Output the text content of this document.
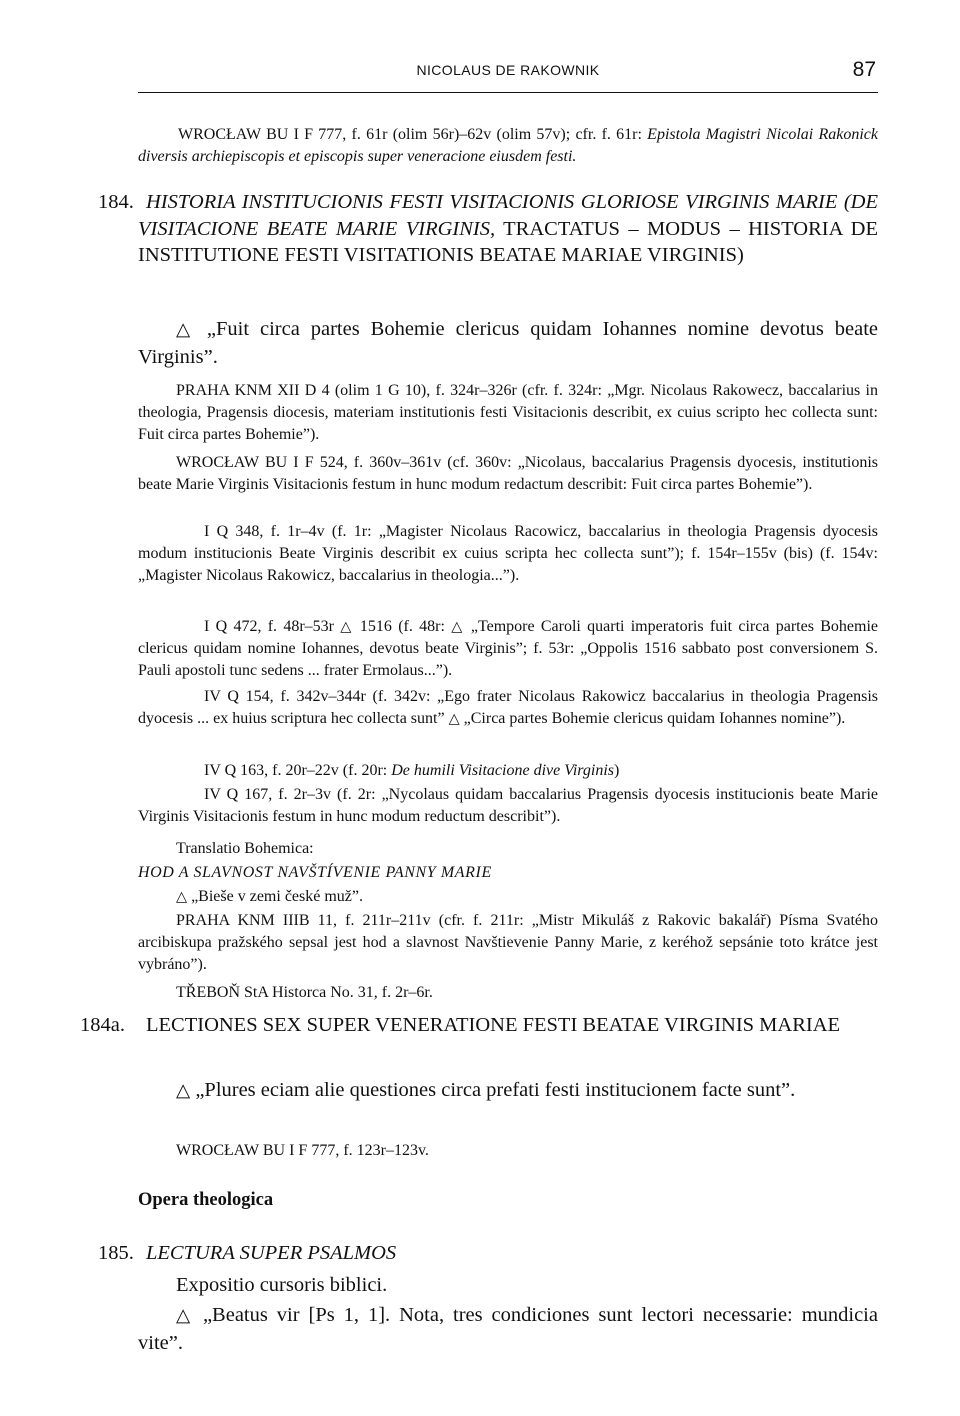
NICOLAUS DE RAKOWNIK	87
WROCŁAW BU I F 777, f. 61r (olim 56r)–62v (olim 57v); cfr. f. 61r: Epistola Magistri Nicolai Rakonick diversis archiepiscopis et episcopis super veneracione eiusdem festi.
184. HISTORIA INSTITUCIONIS FESTI VISITACIONIS GLORIOSE VIRGINIS MARIE (DE VISITACIONE BEATE MARIE VIRGINIS, TRACTATUS – MODUS – HISTORIA DE INSTITUTIONE FESTI VISITATIONIS BEATAE MARIAE VIRGINIS)
△ „Fuit circa partes Bohemie clericus quidam Iohannes nomine devotus beate Virginis”.
PRAHA KNM XII D 4 (olim 1 G 10), f. 324r–326r (cfr. f. 324r: „Mgr. Nicolaus Rakowecz, baccalarius in theologia, Pragensis diocesis, materiam institutionis festi Visitacionis describit, ex cuius scripto hec collecta sunt: Fuit circa partes Bohemie”).
WROCŁAW BU I F 524, f. 360v–361v (cf. 360v: „Nicolaus, baccalarius Pragensis dyocesis, institutionis beate Marie Virginis Visitacionis festum in hunc modum redactum describit: Fuit circa partes Bohemie”).
I Q 348, f. 1r–4v (f. 1r: „Magister Nicolaus Racowicz, baccalarius in theologia Pragensis dyocesis modum institucionis Beate Virginis describit ex cuius scripta hec collecta sunt”); f. 154r–155v (bis) (f. 154v: „Magister Nicolaus Rakowicz, baccalarius in theologia...”).
I Q 472, f. 48r–53r △ 1516 (f. 48r: △ „Tempore Caroli quarti imperatoris fuit circa partes Bohemie clericus quidam nomine Iohannes, devotus beate Virginis”; f. 53r: „Oppolis 1516 sabbato post conversionem S. Pauli apostoli tunc sedens ... frater Ermolaus...”).
IV Q 154, f. 342v–344r (f. 342v: „Ego frater Nicolaus Rakowicz baccalarius in theologia Pragensis dyocesis ... ex huius scriptura hec collecta sunt” △ „Circa partes Bohemie clericus quidam Iohannes nomine”).
IV Q 163, f. 20r–22v (f. 20r: De humili Visitacione dive Virginis)
IV Q 167, f. 2r–3v (f. 2r: „Nycolaus quidam baccalarius Pragensis dyocesis institucionis beate Marie Virginis Visitacionis festum in hunc modum reductum describit”).
Translatio Bohemica:
HOD A SLAVNOST NAVŠTÍVENIE PANNY MARIE
△ „Bieše v zemi české muž”.
PRAHA KNM IIIB 11, f. 211r–211v (cfr. f. 211r: „Mistr Mikuláš z Rakovic bakalář) Písma Svatého arcibiskupa pražského sepsal jest hod a slavnost Navštievenie Panny Marie, z keréhož sepsánie toto krátce jest vybráno”).
TŘEBOŇ StA Historca No. 31, f. 2r–6r.
184a.	LECTIONES SEX SUPER VENERATIONE FESTI BEATAE VIRGINIS MARIAE
△ „Plures eciam alie questiones circa prefati festi institucionem facte sunt”.
WROCŁAW BU I F 777, f. 123r–123v.
Opera theologica
185. LECTURA SUPER PSALMOS
Expositio cursoris biblici.
△ „Beatus vir [Ps 1, 1]. Nota, tres condiciones sunt lectori necessarie: mundicia vite”.
